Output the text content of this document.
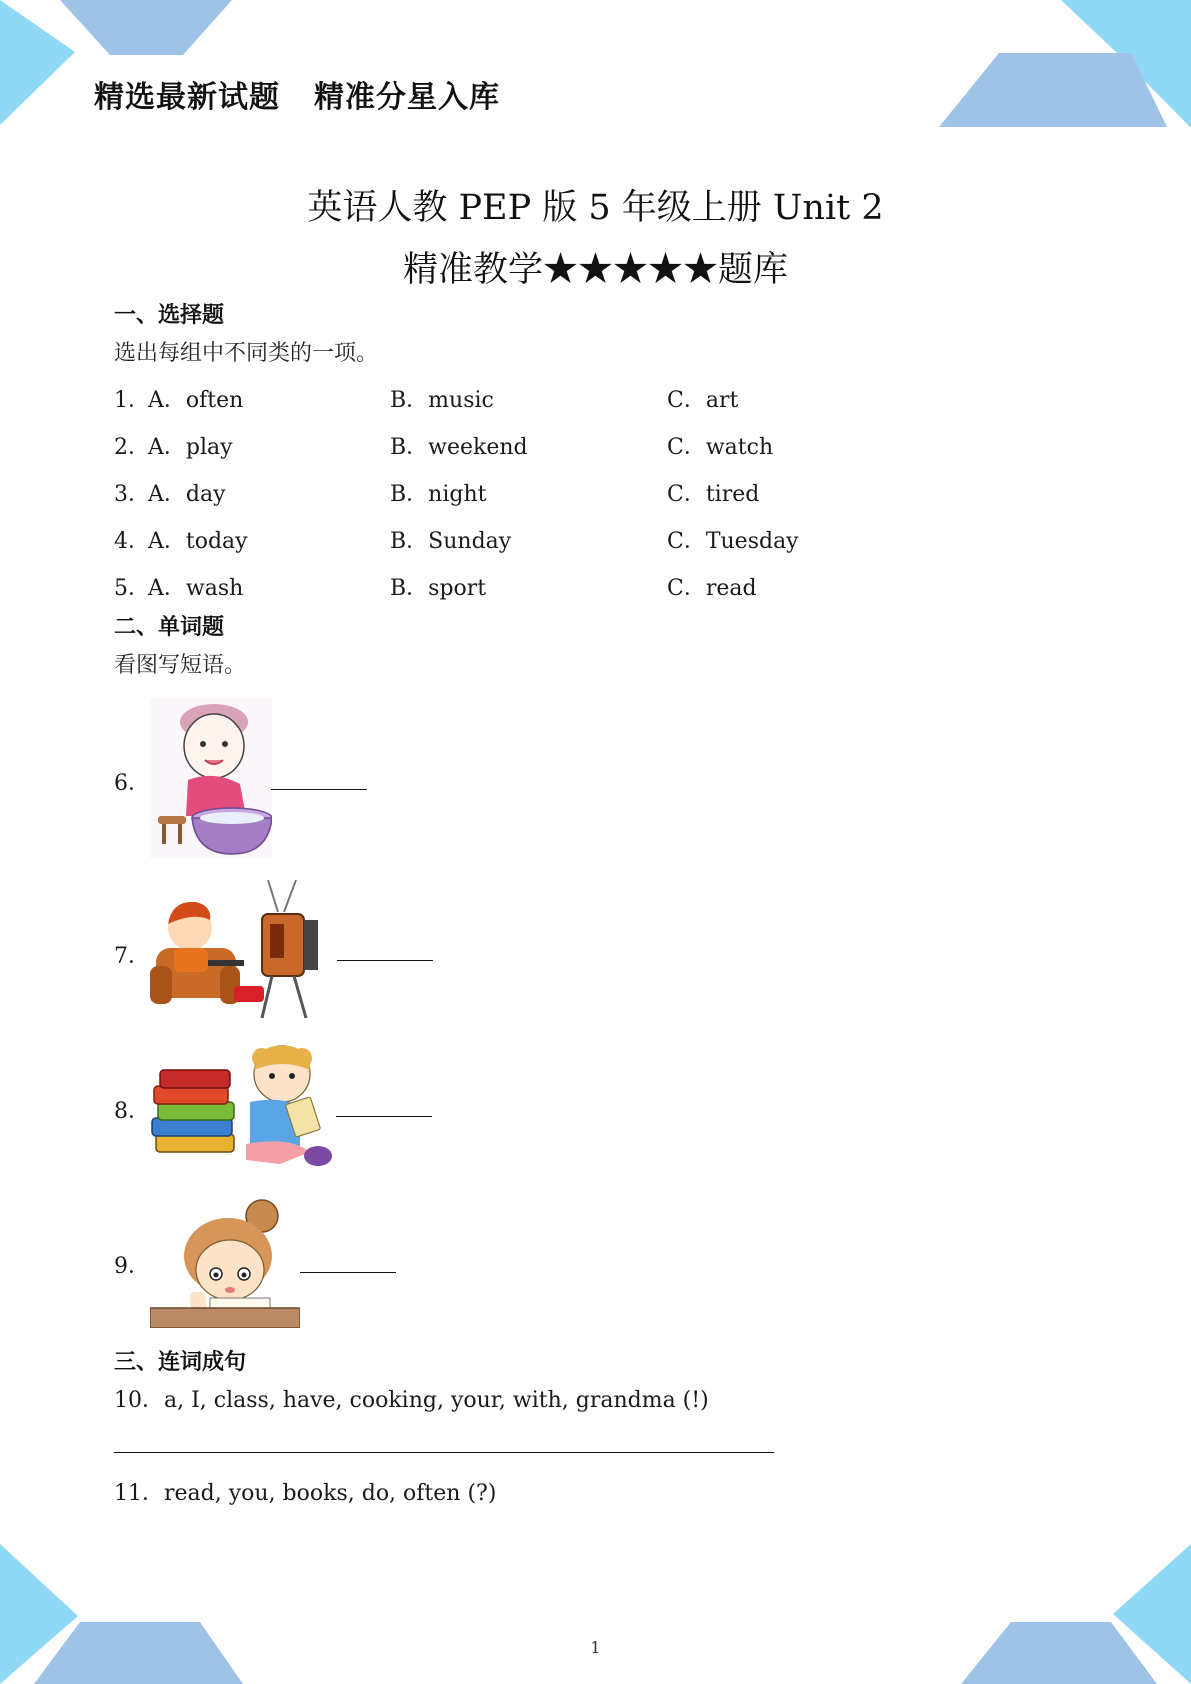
精选最新试题 精准分星入库
英语人教 PEP 版 5 年级上册 Unit 2
精准教学★★★★★题库
一、选择题
选出每组中不同类的一项。
1．
A．often	B．music	C．art
2．
A．play	B．weekend	C．watch
3．
A．day	B．night	C．tired
4．
A．today	B．Sunday	C．Tuesday
5．
A．wash	B．sport	C．read
二、单词题
看图写短语。
6．
7．
8．
9．
三、连词成句
10．a, I, class, have, cooking, your, with, grandma (!)
11．read, you, books, do, often (?)
1
